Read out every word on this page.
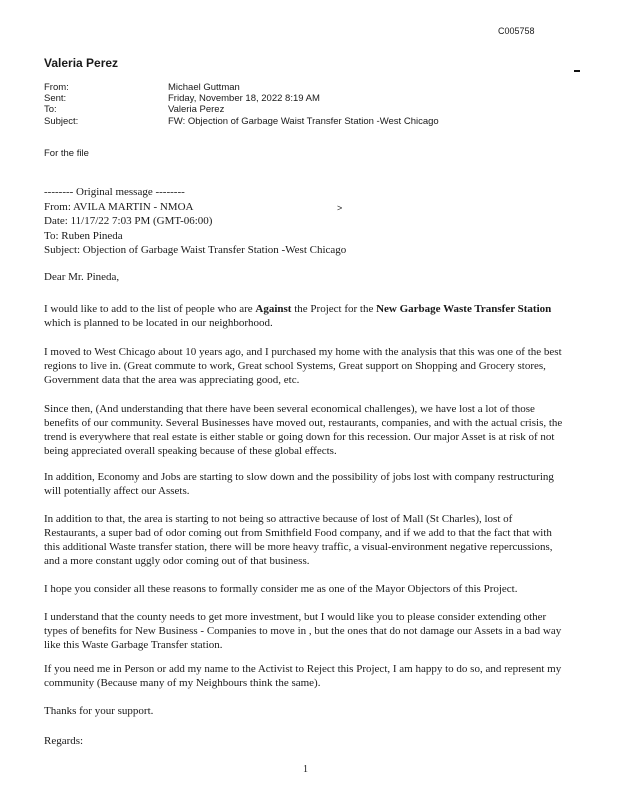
C005758
Valeria Perez
From:	Michael Guttman
Sent:	Friday, November 18, 2022 8:19 AM
To:	Valeria Perez
Subject:	FW: Objection of Garbage Waist Transfer Station -West Chicago
For the file
-------- Original message --------
From: AVILA MARTIN - NMOA	>
Date: 11/17/22 7:03 PM (GMT-06:00)
To: Ruben Pineda
Subject: Objection of Garbage Waist Transfer Station -West Chicago
Dear Mr. Pineda,
I would like to add to the list of people who are Against the Project for the New Garbage Waste Transfer Station which is planned to be located in our neighborhood.
I moved to West Chicago about 10 years ago, and I purchased my home with the analysis that this was one of the best regions to live in. (Great commute to work, Great school Systems, Great support on Shopping and Grocery stores, Government data that the area was appreciating good, etc.
Since then, (And understanding that there have been several economical challenges), we have lost a lot of those benefits of our community. Several Businesses have moved out, restaurants, companies, and with the actual crisis, the trend is everywhere that real estate is either stable or going down for this recession. Our major Asset is at risk of not being appreciated overall speaking because of these global effects.
In addition, Economy and Jobs are starting to slow down and the possibility of jobs lost with company restructuring will potentially affect our Assets.
In addition to that, the area is starting to not being so attractive because of lost of Mall (St Charles), lost of Restaurants, a super bad of odor coming out from Smithfield Food company, and if we add to that the fact that with this additional Waste transfer station, there will be more heavy traffic, a visual-environment negative repercussions, and a more constant uggly odor coming out of that business.
I hope you consider all these reasons to formally consider me as one of the Mayor Objectors of this Project.
I understand that the county needs to get more investment, but I would like you to please consider extending other types of benefits for New Business - Companies to move in , but the ones that do not damage our Assets in a bad way like this Waste Garbage Transfer station.
If you need me in Person or add my name to the Activist to Reject this Project, I am happy to do so, and represent my community (Because many of my Neighbours think the same).
Thanks for your support.
Regards:
1
